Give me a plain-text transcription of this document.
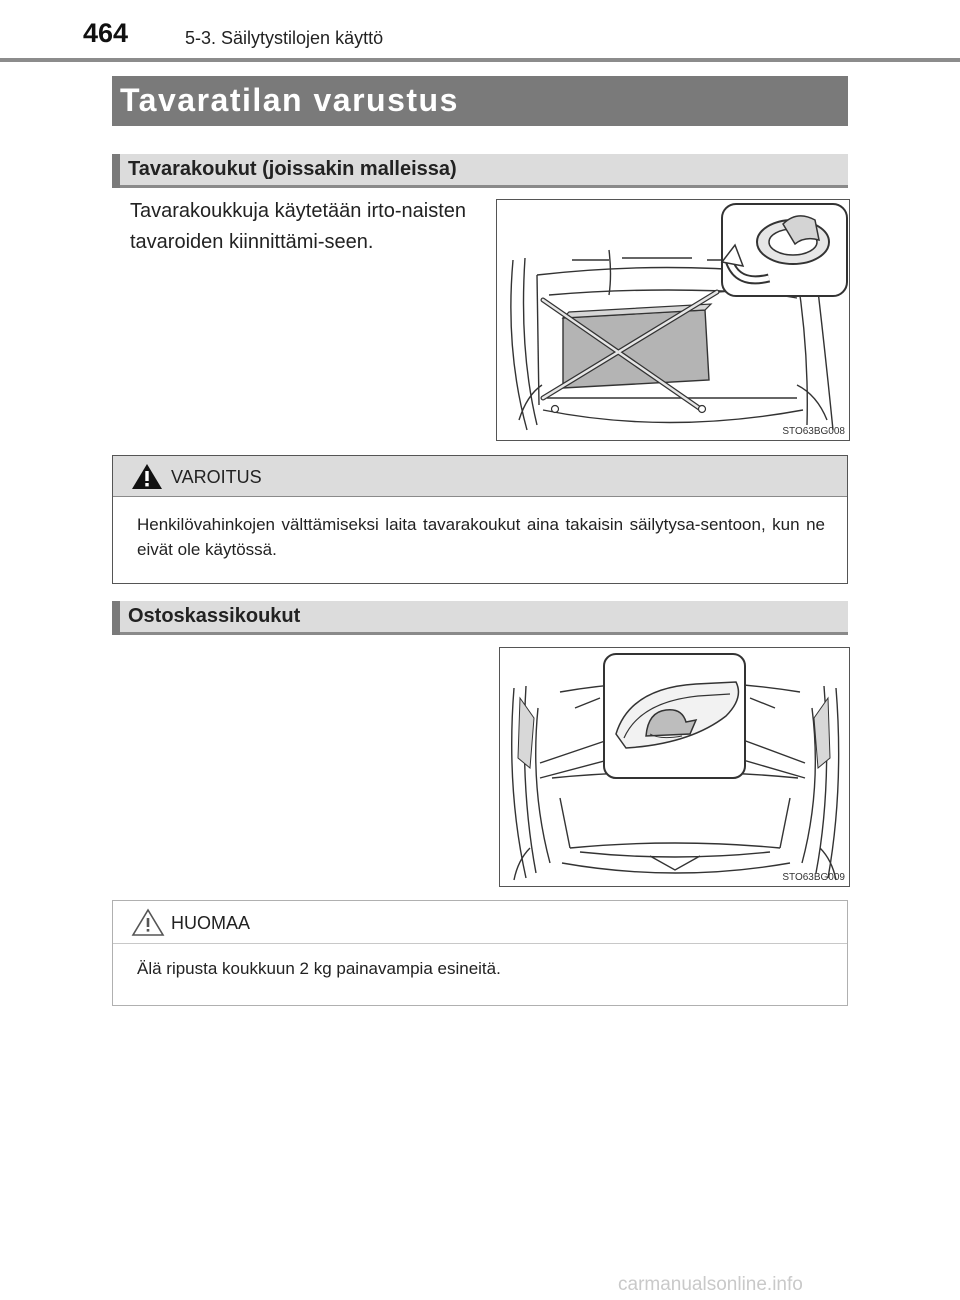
464	5-3. Säilytystilojen käyttö
Tavaratilan varustus
Tavarakoukut (joissakin malleissa)
Tavarakoukkuja käytetään irto-naisten tavaroiden kiinnittämi-seen.
STO63BG008
VAROITUS
Henkilövahinkojen välttämiseksi laita tavarakoukut aina takaisin säilytysa-sentoon, kun ne eivät ole käytössä.
Ostoskassikoukut
STO63BG009
HUOMAA
Älä ripusta koukkuun 2 kg painavampia esineitä.
carmanualsonline.info
